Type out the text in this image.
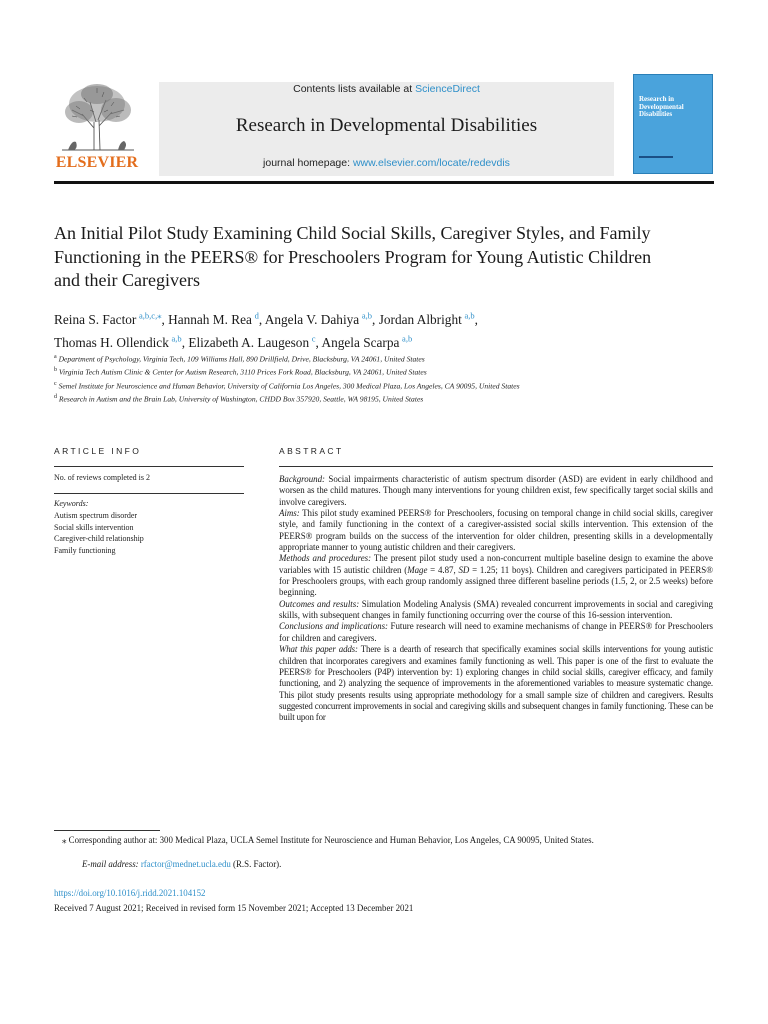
ELSEVIER
Contents lists available at ScienceDirect
Research in Developmental Disabilities
journal homepage: www.elsevier.com/locate/redevdis
Research in Developmental Disabilities
An Initial Pilot Study Examining Child Social Skills, Caregiver Styles, and Family Functioning in the PEERS® for Preschoolers Program for Young Autistic Children and their Caregivers
Reina S. Factor  $^{a,b,c,⁎}$, Hannah M. Rea  $^d$, Angela V. Dahiya  $^{a,b}$, Jordan Albright  $^{a,b}$,
Thomas H. Ollendick  $^{a,b}$, Elizabeth A. Laugeson  $^c$, Angela Scarpa  $^{a,b}$
$^a$ Department of Psychology, Virginia Tech, 109 Williams Hall, 890 Drillfield, Drive, Blacksburg, VA 24061, United States
$^b$ Virginia Tech Autism Clinic & Center for Autism Research, 3110 Prices Fork Road, Blacksburg, VA 24061, United States
$^c$ Semel Institute for Neuroscience and Human Behavior, University of California Los Angeles, 300 Medical Plaza, Los Angeles, CA 90095, United States
$^d$ Research in Autism and the Brain Lab, University of Washington, CHDD Box 357920, Seattle, WA 98195, United States
ARTICLE INFO
No. of reviews completed is 2
Keywords:
Autism spectrum disorder
Social skills intervention
Caregiver-child relationship
Family functioning
ABSTRACT

Background: Social impairments characteristic of autism spectrum disorder (ASD) are evident in early childhood and worsen as the child matures. Though many interventions for young children exist, few specifically target social skills and involve caregivers.

Aims: This pilot study examined PEERS® for Preschoolers, focusing on temporal change in child social skills, caregiver style, and family functioning in the context of a caregiver-assisted social skills intervention. This extension of the PEERS® program builds on the success of the intervention for older children, presenting skills in a developmentally appropriate manner to young autistic children and their caregivers.

Methods and procedures: The present pilot study used a non-concurrent multiple baseline design to examine the above variables with 15 autistic children (Mage = 4.87, SD = 1.25; 11 boys). Children and caregivers participated in PEERS® for Preschoolers groups, with each group randomly assigned three different baseline periods (1.5, 2, or 2.5 weeks) before beginning.

Outcomes and results: Simulation Modeling Analysis (SMA) revealed concurrent improvements in social and caregiving skills, with subsequent changes in family functioning occurring over the course of this 16-session intervention.

Conclusions and implications: Future research will need to examine mechanisms of change in PEERS® for Preschoolers for children and caregivers.

What this paper adds: There is a dearth of research that specifically examines social skills interventions for young autistic children that incorporates caregivers and examines family functioning as well. This paper is one of the first to evaluate the PEERS® for Preschoolers (P4P) intervention by: 1) exploring changes in child social skills, caregiver efficacy, and family functioning, and 2) analyzing the sequence of improvements in the aforementioned variables to measure systematic change. This pilot study presents results using appropriate methodology for a small sample size of children and caregivers. Results suggested concurrent improvements in social and caregiving skills and subsequent changes in family functioning. These can be built upon for

⁎ Corresponding author at: 300 Medical Plaza, UCLA Semel Institute for Neuroscience and Human Behavior, Los Angeles, CA 90095, United States.
E-mail address: rfactor@mednet.ucla.edu (R.S. Factor).
https://doi.org/10.1016/j.ridd.2021.104152
Received 7 August 2021; Received in revised form 15 November 2021; Accepted 13 December 2021
